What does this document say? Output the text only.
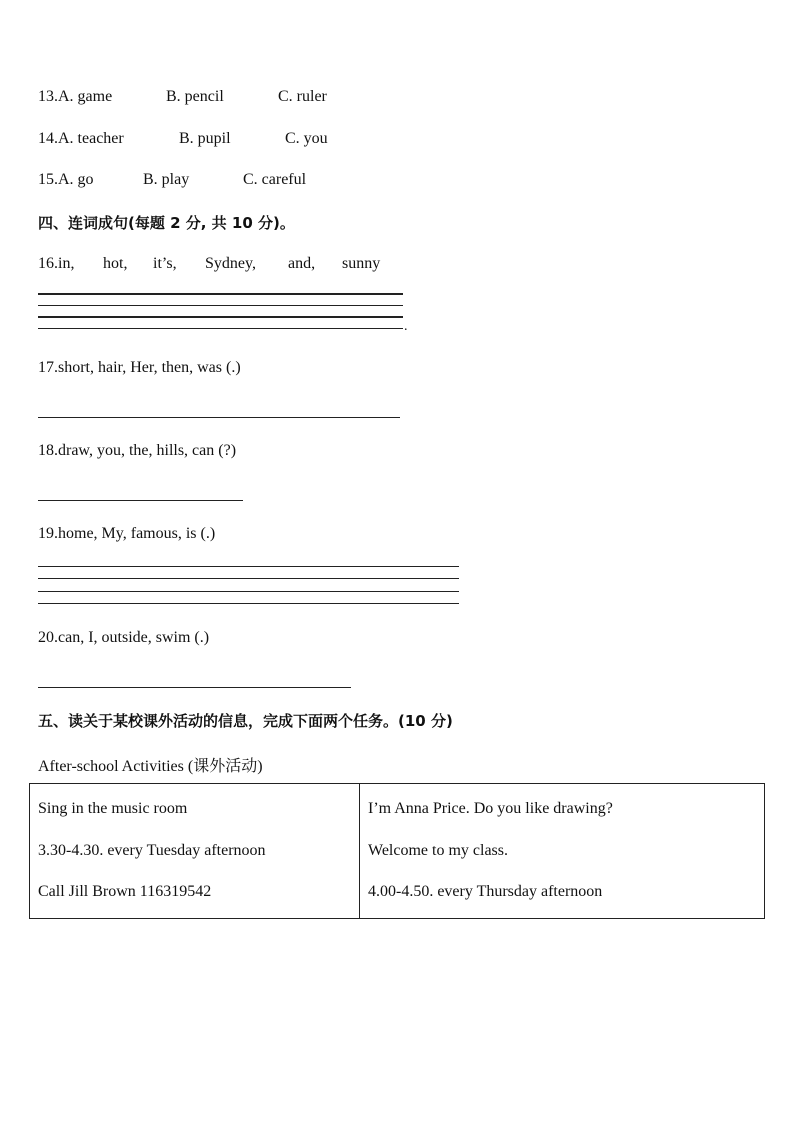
13.A. game	B. pencil	C. ruler
14.A. teacher	B. pupil	C. you
15.A. go	B. play	C. careful
四、连词成句(每题 2 分, 共 10 分)。
16.in, hot, it’s, Sydney, and, sunny
.
17.short, hair, Her, then, was (.)
18.draw, you, the, hills, can (?)
19.home, My, famous, is (.)
20.can, I, outside, swim (.)
五、读关于某校课外活动的信息，完成下面两个任务。(10 分)
After-school Activities (课外活动)
Sing in the music room
3.30-4.30. every Tuesday afternoon
Call Jill Brown 116319542

I’m Anna Price. Do you like drawing?
Welcome to my class.
4.00-4.50. every Thursday afternoon
